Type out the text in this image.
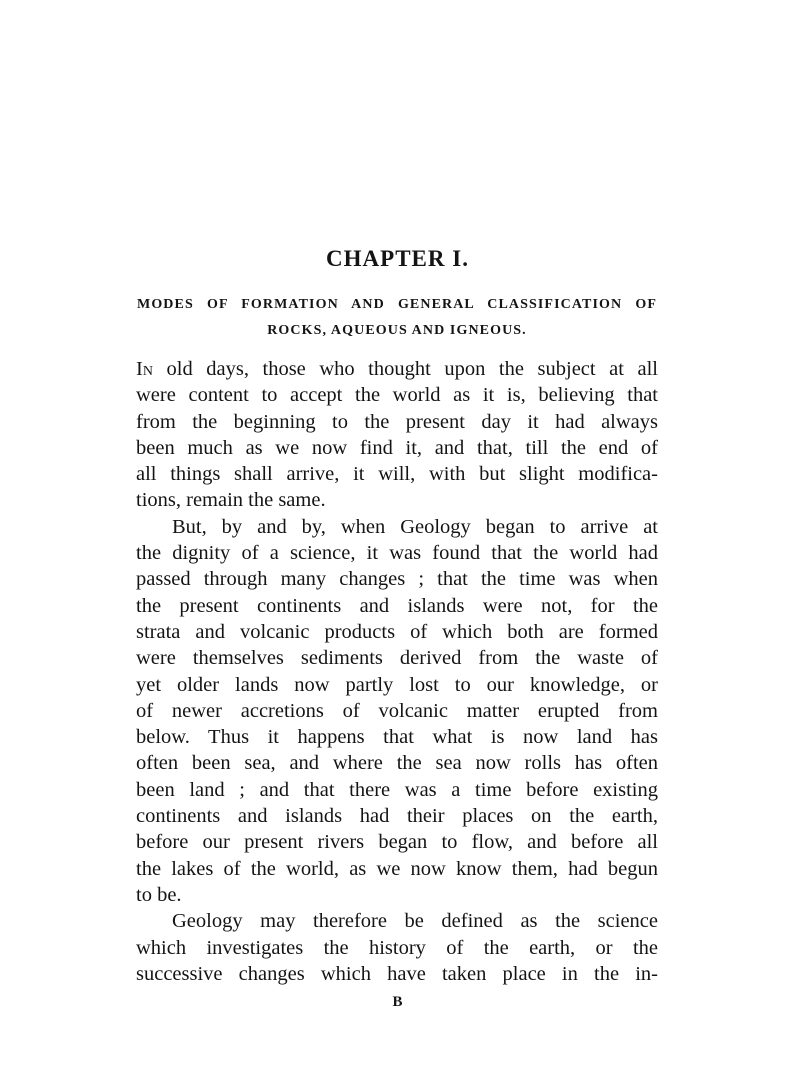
CHAPTER I.
MODES OF FORMATION AND GENERAL CLASSIFICATION OF
ROCKS, AQUEOUS AND IGNEOUS.
In old days, those who thought upon the subject at all
were content to accept the world as it is, believing that
from the beginning to the present day it had always
been much as we now find it, and that, till the end of
all things shall arrive, it will, with but slight modifica-
tions, remain the same.
But, by and by, when Geology began to arrive at
the dignity of a science, it was found that the world had
passed through many changes ; that the time was when
the present continents and islands were not, for the
strata and volcanic products of which both are formed
were themselves sediments derived from the waste of
yet older lands now partly lost to our knowledge, or
of newer accretions of volcanic matter erupted from
below. Thus it happens that what is now land has
often been sea, and where the sea now rolls has often
been land ; and that there was a time before existing
continents and islands had their places on the earth,
before our present rivers began to flow, and before all
the lakes of the world, as we now know them, had begun
to be.
Geology may therefore be defined as the science
which investigates the history of the earth, or the
successive changes which have taken place in the in-
B
